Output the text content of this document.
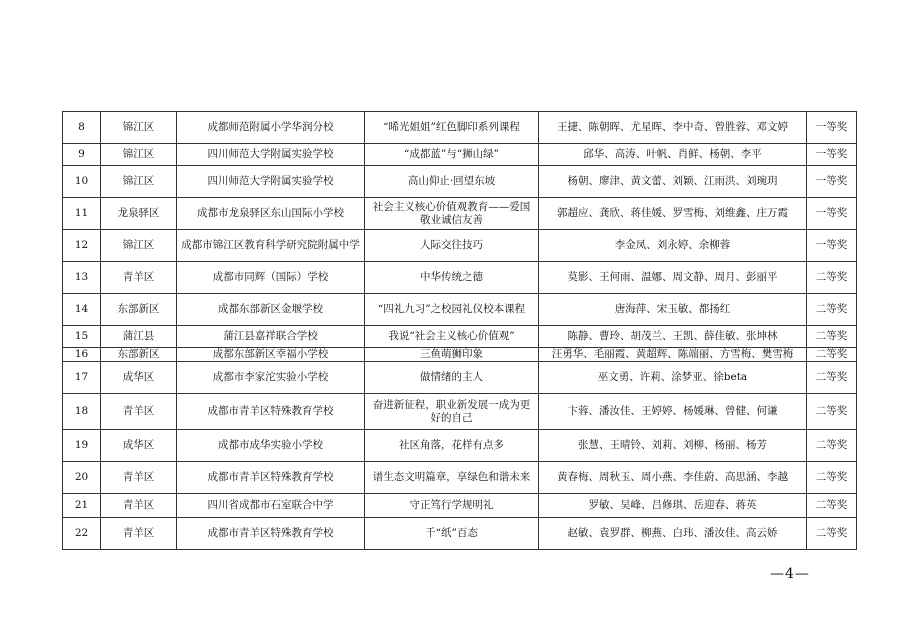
8	锦江区	成都师范附属小学华润分校	“晞光姐姐”红色脚印系列课程	王捷、陈朝晖、尤星晖、李中奇、曾胜蓉、邓文婷	一等奖
9	锦江区	四川师范大学附属实验学校	“成都蓝”与“狮山绿”	邱华、高涛、叶帆、肖鲜、杨朝、李平	一等奖
10	锦江区	四川师范大学附属实验学校	高山仰止·回望东坡	杨朝、廖津、黄文蕾、刘颖、江雨洪、刘琬玥	一等奖
11	龙泉驿区	成都市龙泉驿区东山国际小学校	社会主义核心价值观教育——爱国敬业诚信友善	郭超应、龚欣、蒋佳媛、罗雪梅、刘维鑫、庄万霞	一等奖
12	锦江区	成都市锦江区教育科学研究院附属中学	人际交往技巧	李金凤、刘永婷、余柳蓉	一等奖
13	青羊区	成都市同辉（国际）学校	中华传统之德	莫影、王何雨、温娜、周文静、周月、彭丽平	二等奖
14	东部新区	成都东部新区金堰学校	“四礼九习”之校园礼仪校本课程	唐海萍、宋玉敏、都扬红	二等奖
15	蒲江县	蒲江县嘉祥联合学校	我说“社会主义核心价值观”	陈静、曹玲、胡茂兰、王凯、薛佳敏、张坤林	二等奖
16	东部新区	成都东部新区幸福小学校	三鱼萌狮印象	汪勇华、毛丽霞、黄超辉、陈端丽、方雪梅、樊雪梅	二等奖
17	成华区	成都市李家沱实验小学校	做情绪的主人	巫文勇、许莉、涂梦亚、徐beta	二等奖
18	青羊区	成都市青羊区特殊教育学校	奋进新征程，职业新发展一成为更好的自己	卞蓉、潘汝佳、王婷婷、杨媛琳、曾健、何谦	二等奖
19	成华区	成都市成华实验小学校	社区角落，花样有点多	张慧、王晴铃、刘莉、刘柳、杨丽、杨芳	二等奖
20	青羊区	成都市青羊区特殊教育学校	谱生态文明篇章，享绿色和谐未来	黄春梅、周秋玉、周小燕、李佳蔚、高思涵、李越	二等奖
21	青羊区	四川省成都市石室联合中学	守正笃行学规明礼	罗敏、吴峰、吕修琪、岳迎春、蒋英	二等奖
22	青羊区	成都市青羊区特殊教育学校	千“纸”百态	赵敏、袁罗群、柳燕、白玮、潘汝佳、高云娇	二等奖
—4—
